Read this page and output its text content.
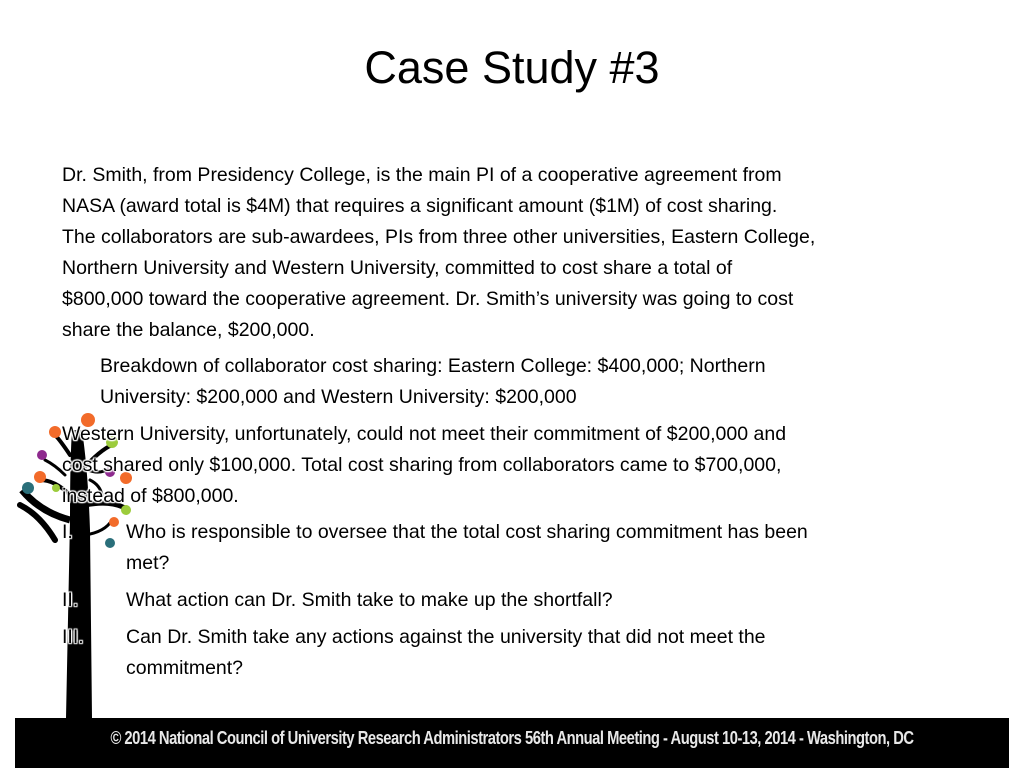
Case Study #3
Dr. Smith, from Presidency College, is the main PI of a cooperative agreement from
NASA (award total is $4M) that requires a significant amount ($1M) of cost sharing.
The collaborators are sub-awardees, PIs from three other universities, Eastern College,
Northern University and Western University, committed to cost share a total of
$800,000 toward the cooperative agreement. Dr. Smith’s university was going to cost
share the balance, $200,000.
Breakdown of collaborator cost sharing: Eastern College: $400,000; Northern
University: $200,000 and Western University: $200,000
Western University, unfortunately, could not meet their commitment of $200,000 and
cost shared only $100,000. Total cost sharing from collaborators came to $700,000,
instead of $800,000.
I.	Who is responsible to oversee that the total cost sharing commitment has been
met?
II. What action can Dr. Smith take to make up the shortfall?
III. Can Dr. Smith take any actions against the university that did not meet the
commitment?
© 2014 National Council of University Research Administrators 56th Annual Meeting - August 10-13, 2014 - Washington, DC
